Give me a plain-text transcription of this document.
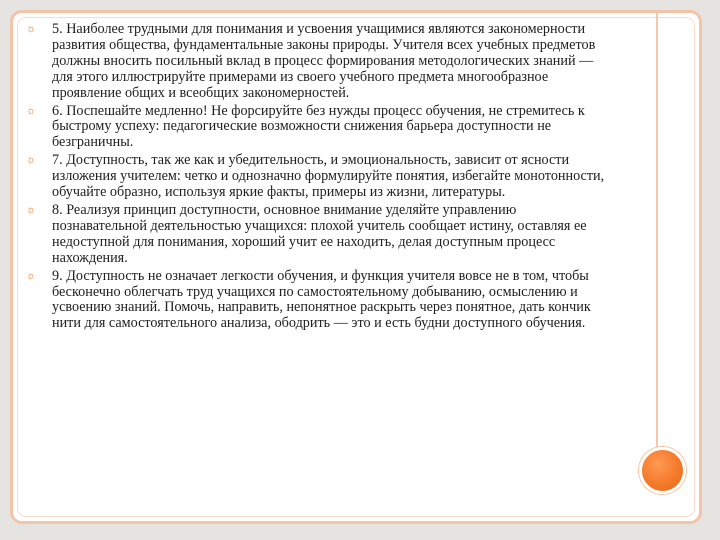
☼ 5. Наиболее трудными для понимания и усвоения учащимися являются закономерности развития общества, фундаментальные законы природы. Учителя всех учебных предметов должны вносить посильный вклад в процесс формирования методологических знаний — для этого иллюстрируйте примерами из своего учебного предмета многообразное проявление общих и всеобщих закономерностей.
☼ 6. Поспешайте медленно! Не форсируйте без нужды процесс обучения, не стремитесь к быстрому успеху: педагогические возможности снижения барьера доступности не безграничны.
☼ 7. Доступность, так же как и убедительность, и эмоциональность, зависит от ясности изложения учителем: четко и однозначно формулируйте понятия, избегайте монотонности, обучайте образно, используя яркие факты, примеры из жизни, литературы.
☼ 8. Реализуя принцип доступности, основное внимание уделяйте управлению познавательной деятельностью учащихся: плохой учитель сообщает истину, оставляя ее недоступной для понимания, хороший учит ее находить, делая доступным процесс нахождения.
☼ 9. Доступность не означает легкости обучения, и функция учителя вовсе не в том, чтобы бесконечно облегчать труд учащихся по самостоятельному добыванию, осмыслению и усвоению знаний. Помочь, направить, непонятное раскрыть через понятное, дать кончик нити для самостоятельного анализа, ободрить — это и есть будни доступного обучения.
